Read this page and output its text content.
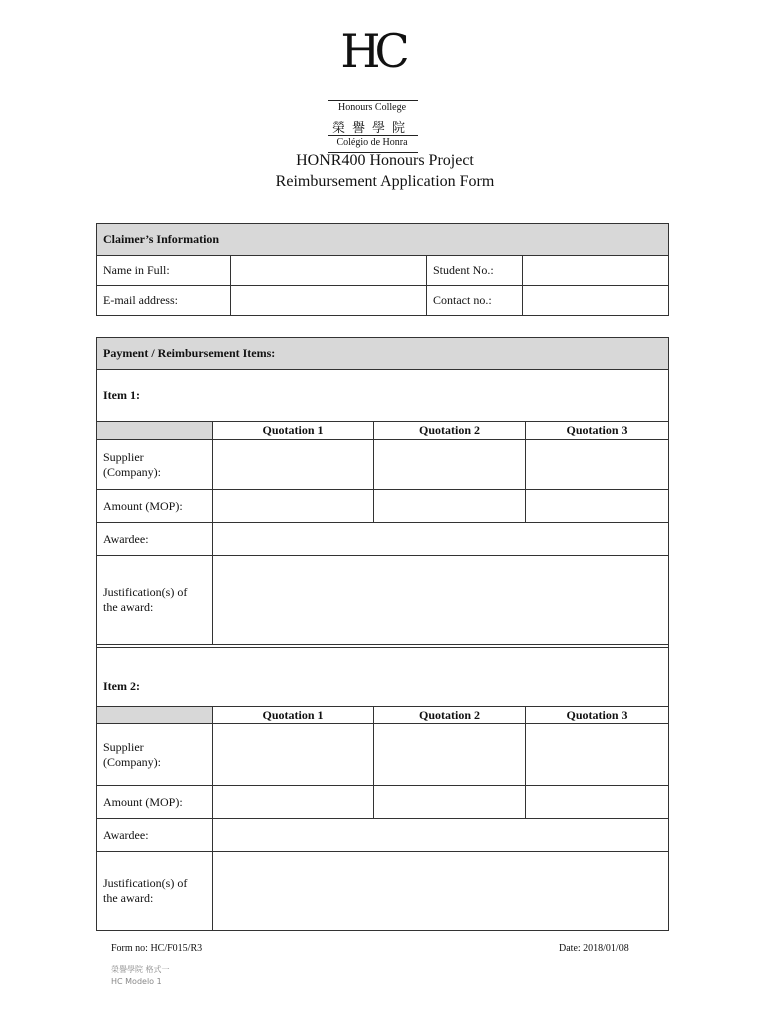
HC
Honours College
榮譽學院
Colégio de Honra
HONR400 Honours Project
Reimbursement Application Form
Claimer’s Information			
Name in Full:		Student No.:	
E-mail address:		Contact no.:	
Payment / Reimbursement Items:			
Item 1:			
	Quotation 1	Quotation 2	Quotation 3
Supplier
(Company):			
Amount (MOP):			
Awardee:			
Justification(s) of
the award:			

Item 2:			
	Quotation 1	Quotation 2	Quotation 3
Supplier
(Company):			
Amount (MOP):			
Awardee:			
Justification(s) of
the award:			
Form no: HC/F015/R3	Date: 2018/01/08
榮譽學院 格式一
HC Modelo 1
